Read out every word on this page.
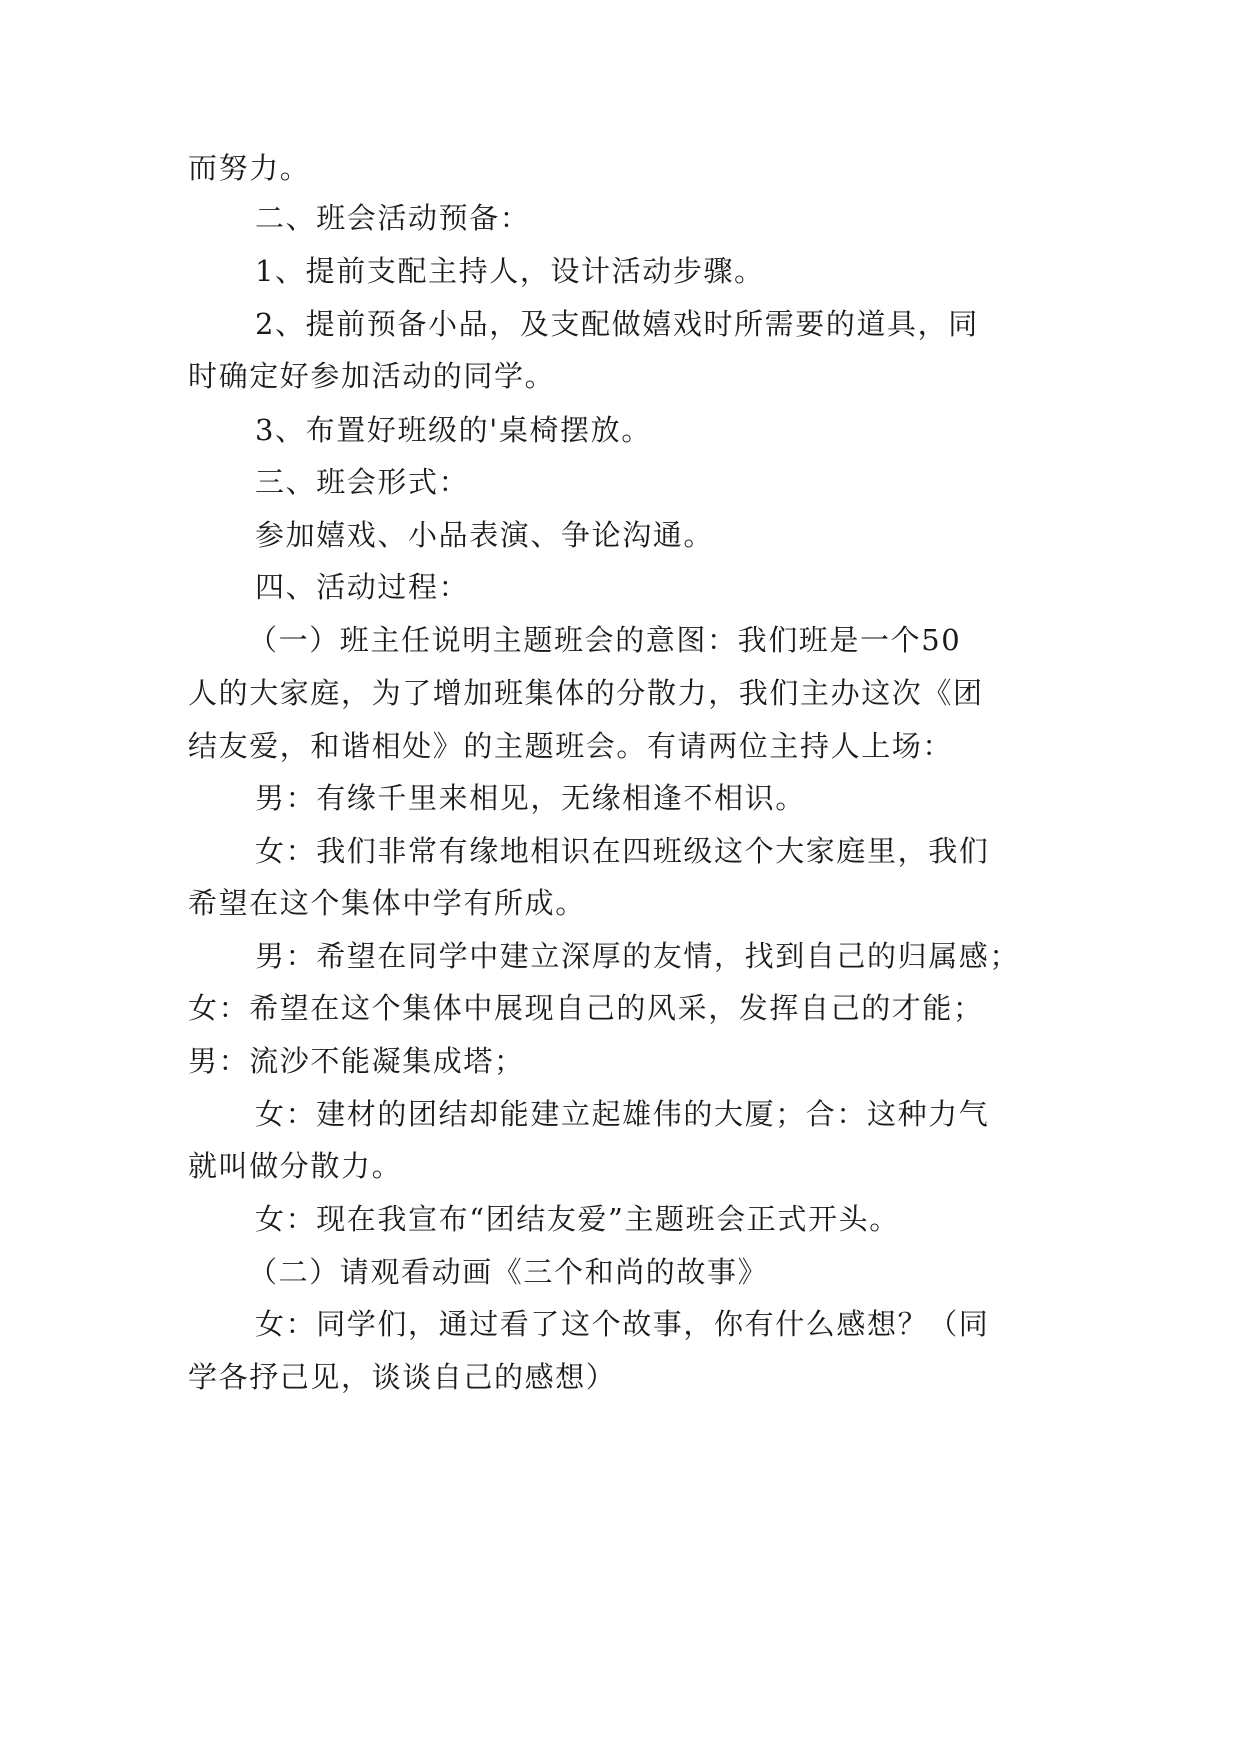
而努力。
二、班会活动预备：
1、提前支配主持人，设计活动步骤。
2、提前预备小品，及支配做嬉戏时所需要的道具，同
时确定好参加活动的同学。
3、布置好班级的'桌椅摆放。
三、班会形式：
参加嬉戏、小品表演、争论沟通。
四、活动过程：
（一）班主任说明主题班会的意图：我们班是一个50
人的大家庭，为了增加班集体的分散力，我们主办这次《团
结友爱，和谐相处》的主题班会。有请两位主持人上场：
男：有缘千里来相见，无缘相逢不相识。
女：我们非常有缘地相识在四班级这个大家庭里，我们
希望在这个集体中学有所成。
男：希望在同学中建立深厚的友情，找到自己的归属感；
女：希望在这个集体中展现自己的风采，发挥自己的才能；
男：流沙不能凝集成塔；
女：建材的团结却能建立起雄伟的大厦；合：这种力气
就叫做分散力。
女：现在我宣布“团结友爱”主题班会正式开头。
（二）请观看动画《三个和尚的故事》
女：同学们，通过看了这个故事，你有什么感想？（同
学各抒己见，谈谈自己的感想）
